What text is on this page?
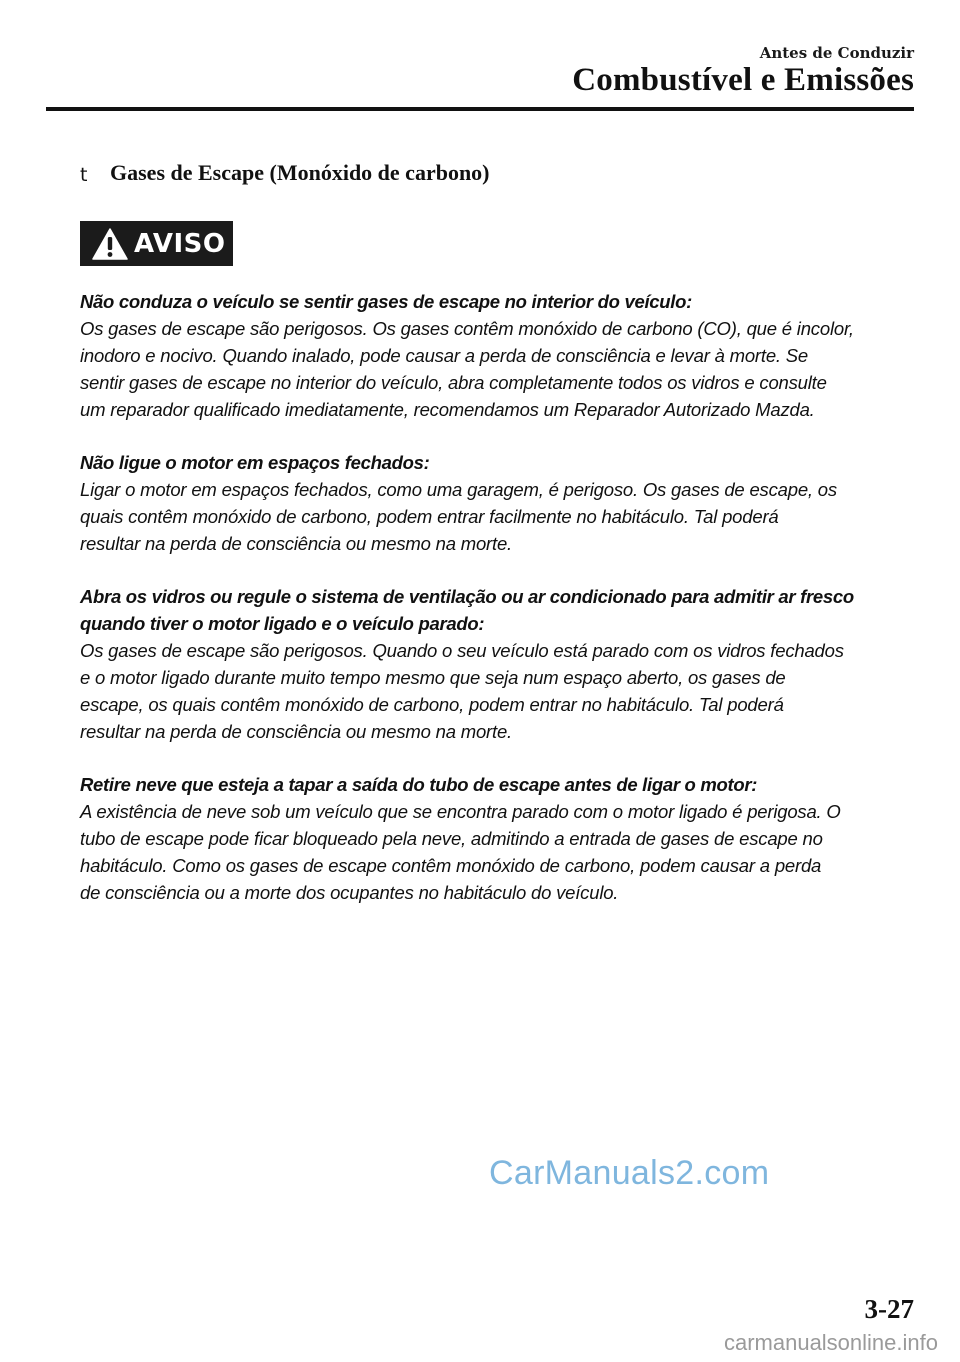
Antes de Conduzir
Combustível e Emissões
t Gases de Escape (Monóxido de carbono)
AVISO
Não conduza o veículo se sentir gases de escape no interior do veículo:
Os gases de escape são perigosos. Os gases contêm monóxido de carbono (CO), que é incolor,
inodoro e nocivo. Quando inalado, pode causar a perda de consciência e levar à morte. Se
sentir gases de escape no interior do veículo, abra completamente todos os vidros e consulte
um reparador qualiﬁcado imediatamente, recomendamos um Reparador Autorizado Mazda.
Não ligue o motor em espaços fechados:
Ligar o motor em espaços fechados, como uma garagem, é perigoso. Os gases de escape, os
quais contêm monóxido de carbono, podem entrar facilmente no habitáculo. Tal poderá
resultar na perda de consciência ou mesmo na morte.
Abra os vidros ou regule o sistema de ventilação ou ar condicionado para admitir ar fresco
quando tiver o motor ligado e o veículo parado:
Os gases de escape são perigosos. Quando o seu veículo está parado com os vidros fechados
e o motor ligado durante muito tempo mesmo que seja num espaço aberto, os gases de
escape, os quais contêm monóxido de carbono, podem entrar no habitáculo. Tal poderá
resultar na perda de consciência ou mesmo na morte.
Retire neve que esteja a tapar a saída do tubo de escape antes de ligar o motor:
A existência de neve sob um veículo que se encontra parado com o motor ligado é perigosa. O
tubo de escape pode ﬁcar bloqueado pela neve, admitindo a entrada de gases de escape no
habitáculo. Como os gases de escape contêm monóxido de carbono, podem causar a perda
de consciência ou a morte dos ocupantes no habitáculo do veículo.
CarManuals2.com
3-27
carmanualsonline.info
